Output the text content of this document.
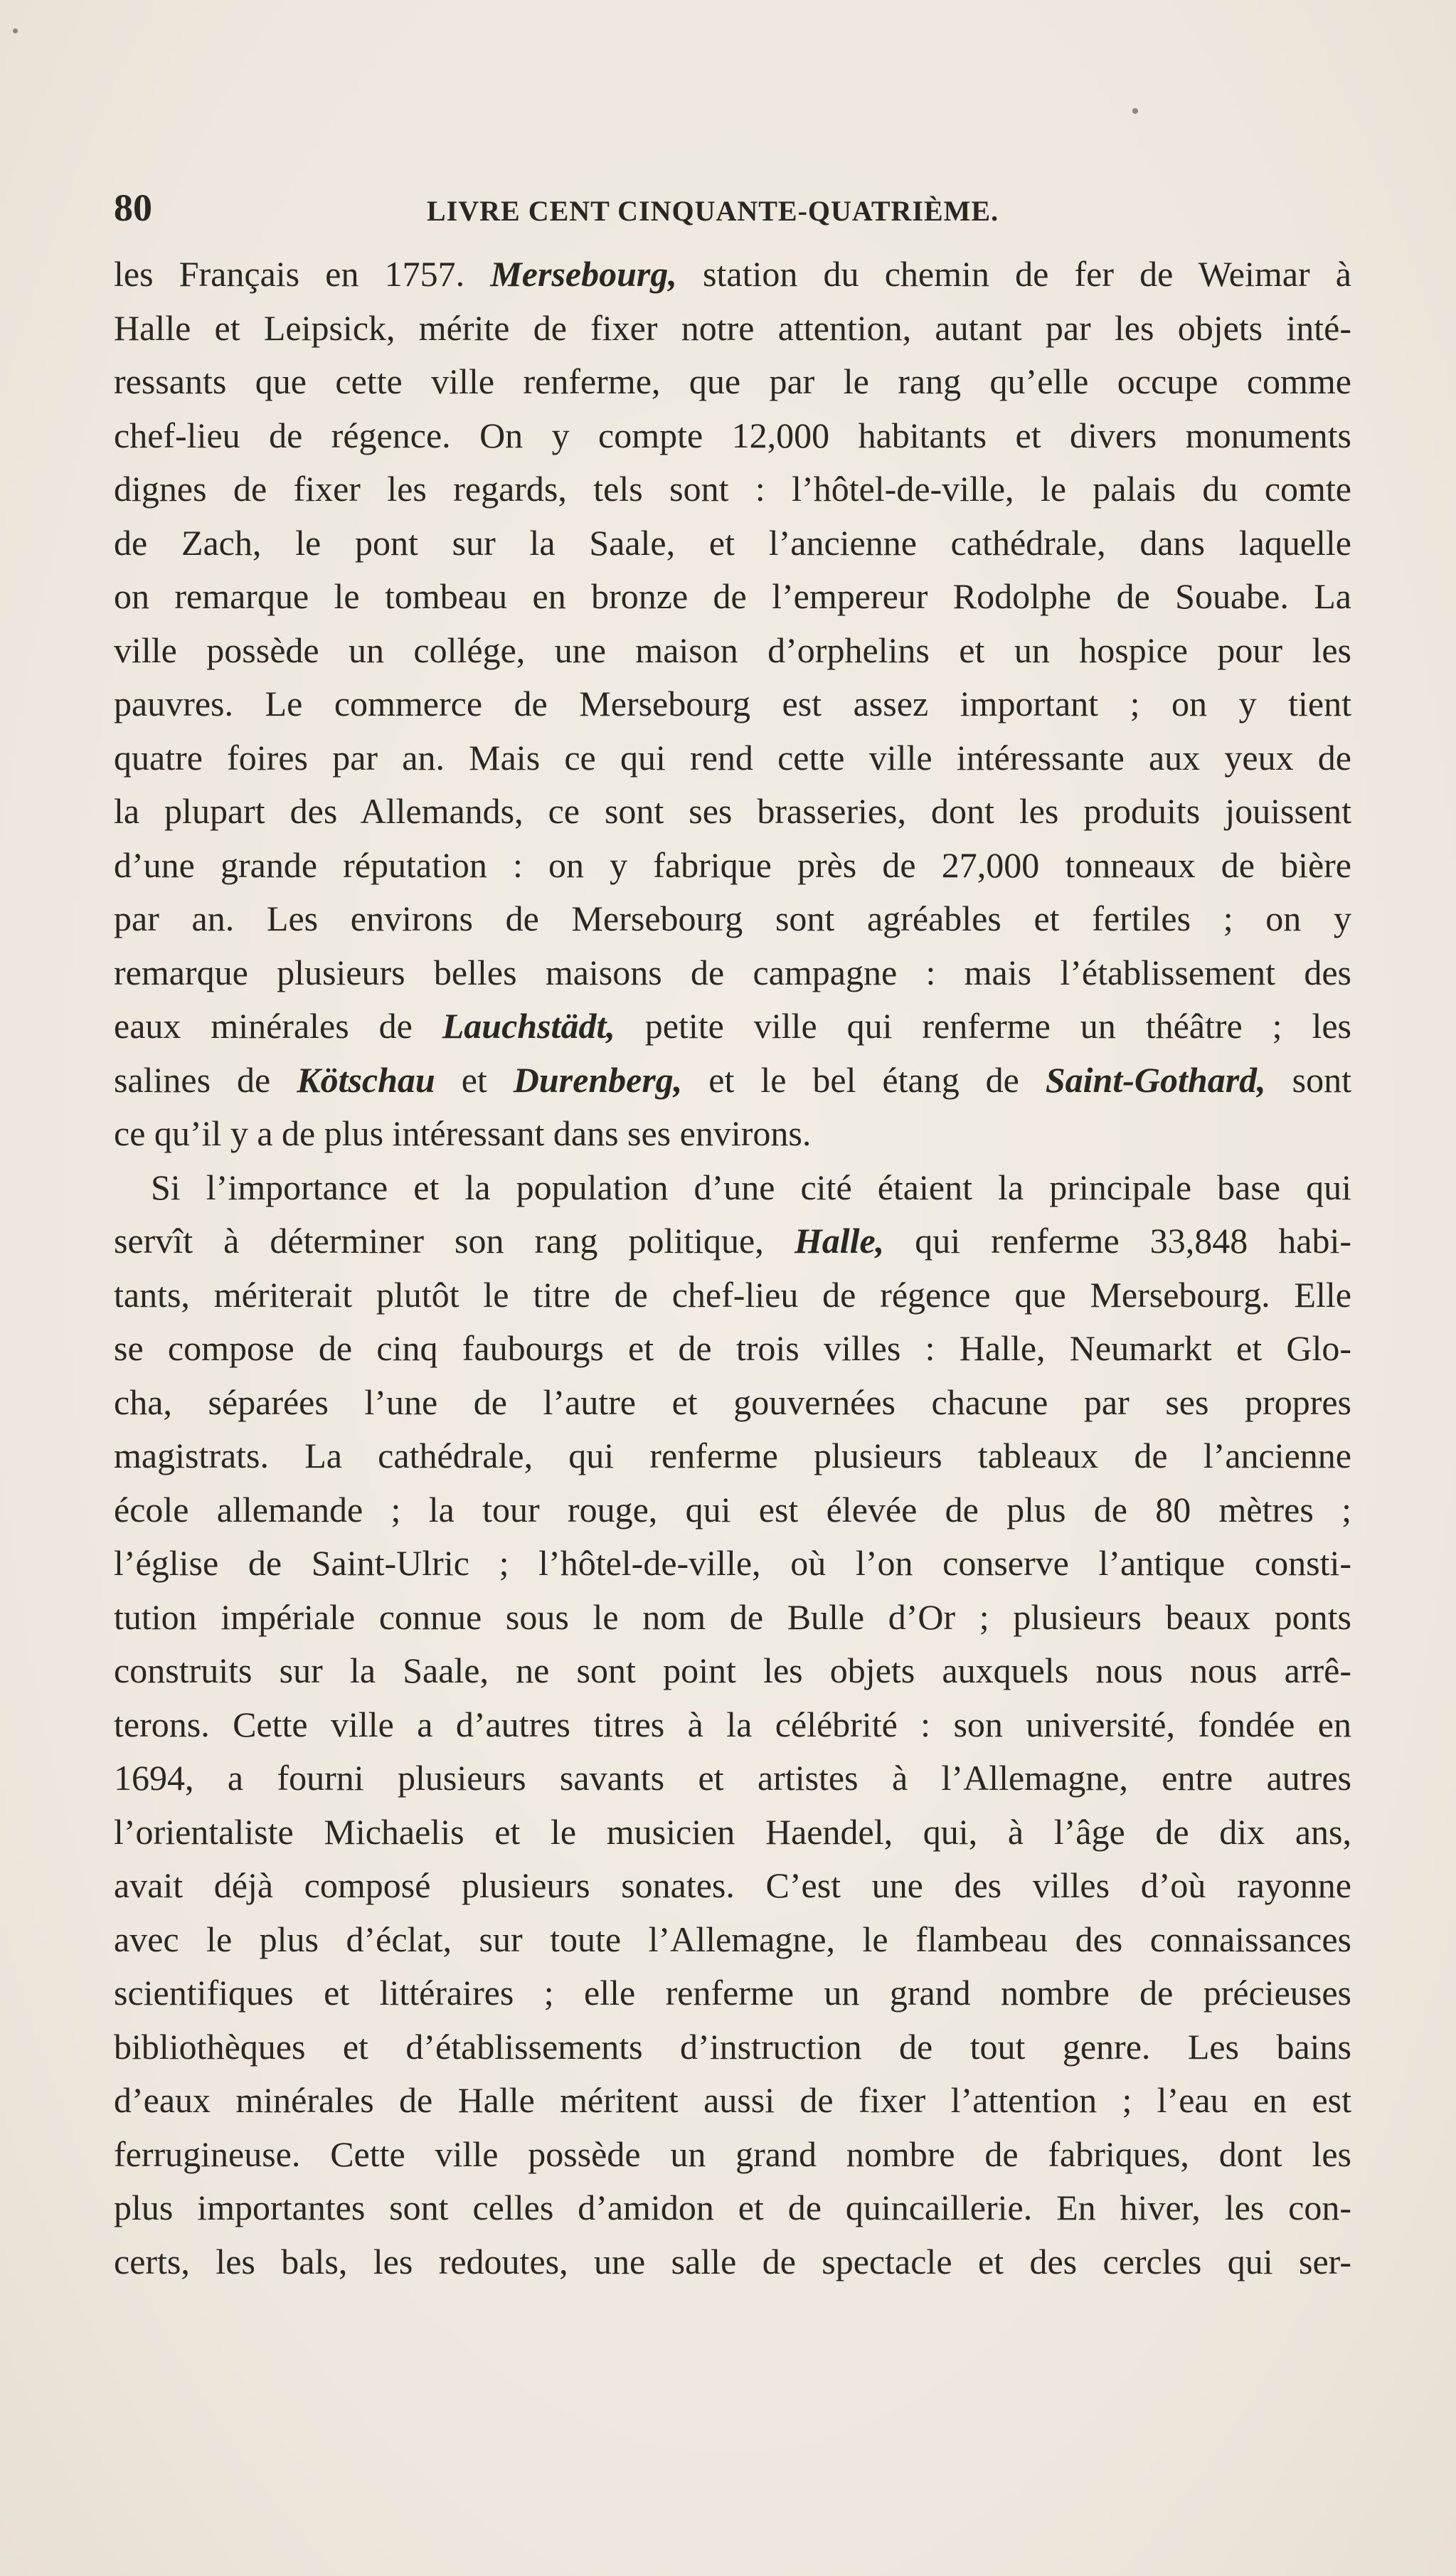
80	LIVRE CENT CINQUANTE-QUATRIÈME.
les Français en 1757. Mersebourg, station du chemin de fer de Weimar à
Halle et Leipsick, mérite de fixer notre attention, autant par les objets inté-
ressants que cette ville renferme, que par le rang qu’elle occupe comme
chef-lieu de régence. On y compte 12,000 habitants et divers monuments
dignes de fixer les regards, tels sont : l’hôtel-de-ville, le palais du comte
de Zach, le pont sur la Saale, et l’ancienne cathédrale, dans laquelle
on remarque le tombeau en bronze de l’empereur Rodolphe de Souabe. La
ville possède un collége, une maison d’orphelins et un hospice pour les
pauvres. Le commerce de Mersebourg est assez important ; on y tient
quatre foires par an. Mais ce qui rend cette ville intéressante aux yeux de
la plupart des Allemands, ce sont ses brasseries, dont les produits jouissent
d’une grande réputation : on y fabrique près de 27,000 tonneaux de bière
par an. Les environs de Mersebourg sont agréables et fertiles ; on y
remarque plusieurs belles maisons de campagne : mais l’établissement des
eaux minérales de Lauchstädt, petite ville qui renferme un théâtre ; les
salines de Kötschau et Durenberg, et le bel étang de Saint-Gothard, sont
ce qu’il y a de plus intéressant dans ses environs.
Si l’importance et la population d’une cité étaient la principale base qui
servît à déterminer son rang politique, Halle, qui renferme 33,848 habi-
tants, mériterait plutôt le titre de chef-lieu de régence que Mersebourg. Elle
se compose de cinq faubourgs et de trois villes : Halle, Neumarkt et Glo-
cha, séparées l’une de l’autre et gouvernées chacune par ses propres
magistrats. La cathédrale, qui renferme plusieurs tableaux de l’ancienne
école allemande ; la tour rouge, qui est élevée de plus de 80 mètres ;
l’église de Saint-Ulric ; l’hôtel-de-ville, où l’on conserve l’antique consti-
tution impériale connue sous le nom de Bulle d’Or ; plusieurs beaux ponts
construits sur la Saale, ne sont point les objets auxquels nous nous arrê-
terons. Cette ville a d’autres titres à la célébrité : son université, fondée en
1694, a fourni plusieurs savants et artistes à l’Allemagne, entre autres
l’orientaliste Michaelis et le musicien Haendel, qui, à l’âge de dix ans,
avait déjà composé plusieurs sonates. C’est une des villes d’où rayonne
avec le plus d’éclat, sur toute l’Allemagne, le flambeau des connaissances
scientifiques et littéraires ; elle renferme un grand nombre de précieuses
bibliothèques et d’établissements d’instruction de tout genre. Les bains
d’eaux minérales de Halle méritent aussi de fixer l’attention ; l’eau en est
ferrugineuse. Cette ville possède un grand nombre de fabriques, dont les
plus importantes sont celles d’amidon et de quincaillerie. En hiver, les con-
certs, les bals, les redoutes, une salle de spectacle et des cercles qui ser-
